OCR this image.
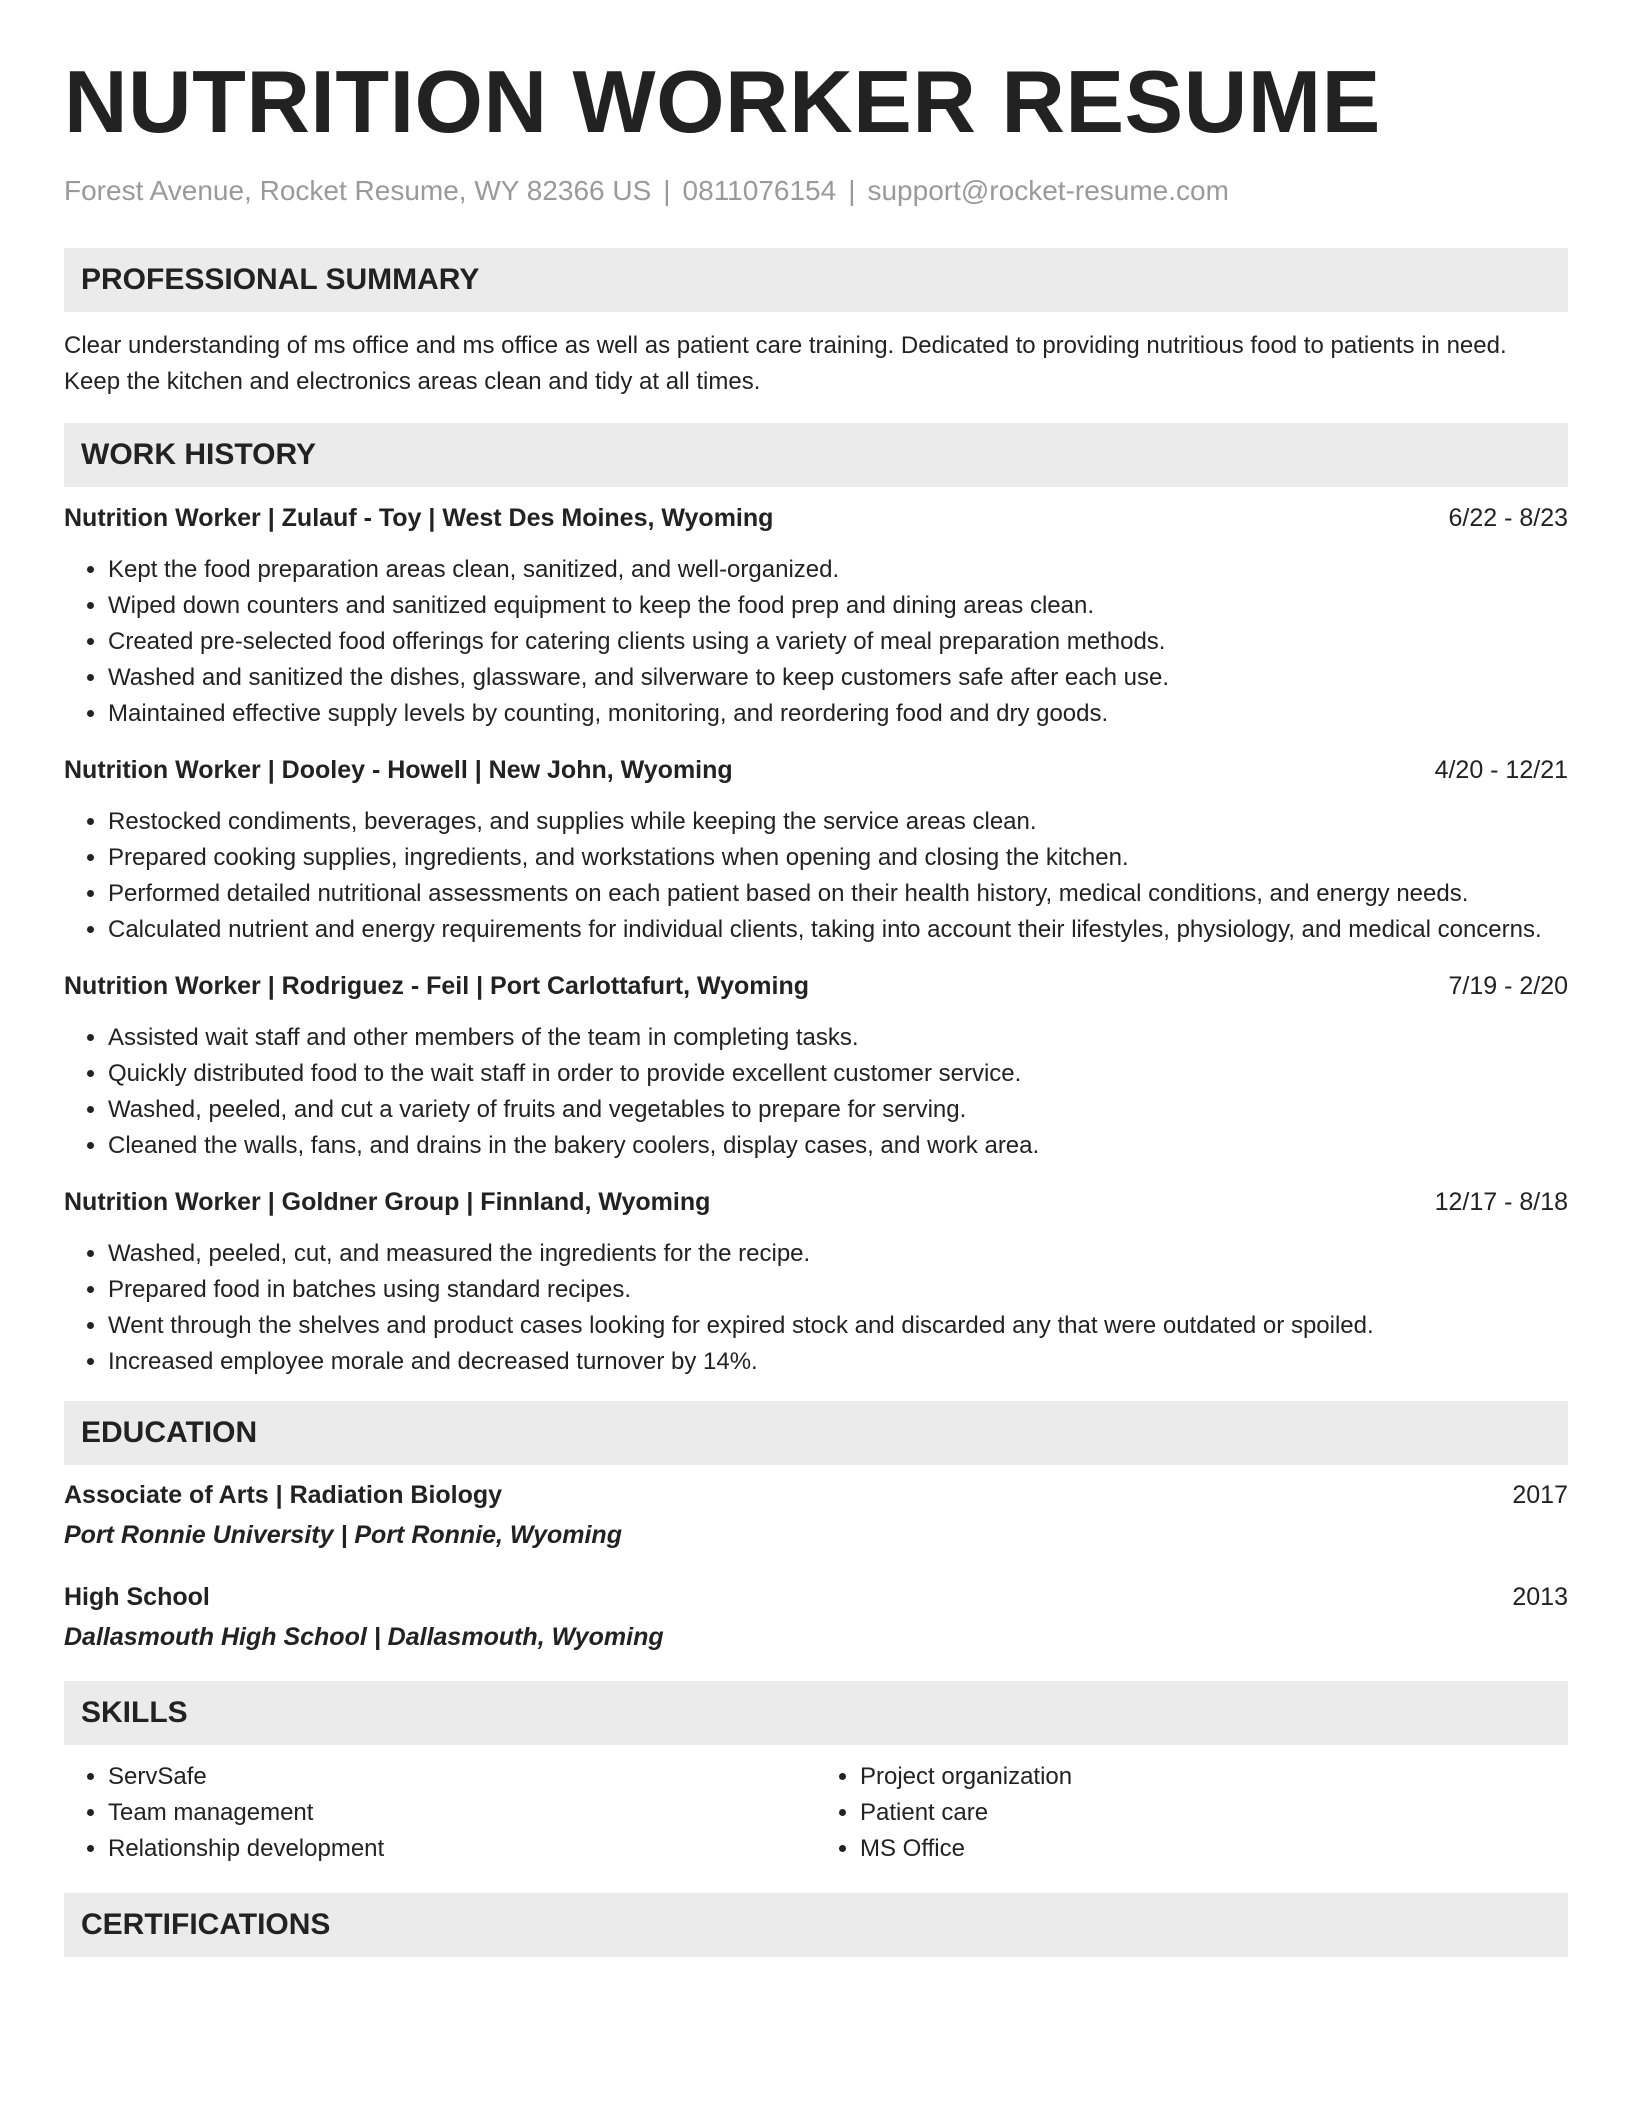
NUTRITION WORKER RESUME
Forest Avenue, Rocket Resume, WY 82366 US | 0811076154 | support@rocket-resume.com
PROFESSIONAL SUMMARY
Clear understanding of ms office and ms office as well as patient care training. Dedicated to providing nutritious food to patients in need. Keep the kitchen and electronics areas clean and tidy at all times.
WORK HISTORY
Nutrition Worker | Zulauf - Toy | West Des Moines, Wyoming	6/22 - 8/23
• Kept the food preparation areas clean, sanitized, and well-organized.
• Wiped down counters and sanitized equipment to keep the food prep and dining areas clean.
• Created pre-selected food offerings for catering clients using a variety of meal preparation methods.
• Washed and sanitized the dishes, glassware, and silverware to keep customers safe after each use.
• Maintained effective supply levels by counting, monitoring, and reordering food and dry goods.
Nutrition Worker | Dooley - Howell | New John, Wyoming	4/20 - 12/21
• Restocked condiments, beverages, and supplies while keeping the service areas clean.
• Prepared cooking supplies, ingredients, and workstations when opening and closing the kitchen.
• Performed detailed nutritional assessments on each patient based on their health history, medical conditions, and energy needs.
• Calculated nutrient and energy requirements for individual clients, taking into account their lifestyles, physiology, and medical concerns.
Nutrition Worker | Rodriguez - Feil | Port Carlottafurt, Wyoming	7/19 - 2/20
• Assisted wait staff and other members of the team in completing tasks.
• Quickly distributed food to the wait staff in order to provide excellent customer service.
• Washed, peeled, and cut a variety of fruits and vegetables to prepare for serving.
• Cleaned the walls, fans, and drains in the bakery coolers, display cases, and work area.
Nutrition Worker | Goldner Group | Finnland, Wyoming	12/17 - 8/18
• Washed, peeled, cut, and measured the ingredients for the recipe.
• Prepared food in batches using standard recipes.
• Went through the shelves and product cases looking for expired stock and discarded any that were outdated or spoiled.
• Increased employee morale and decreased turnover by 14%.
EDUCATION
Associate of Arts | Radiation Biology	2017
Port Ronnie University | Port Ronnie, Wyoming
High School	2013
Dallasmouth High School | Dallasmouth, Wyoming
SKILLS
• ServSafe
• Team management
• Relationship development
• Project organization
• Patient care
• MS Office
CERTIFICATIONS
